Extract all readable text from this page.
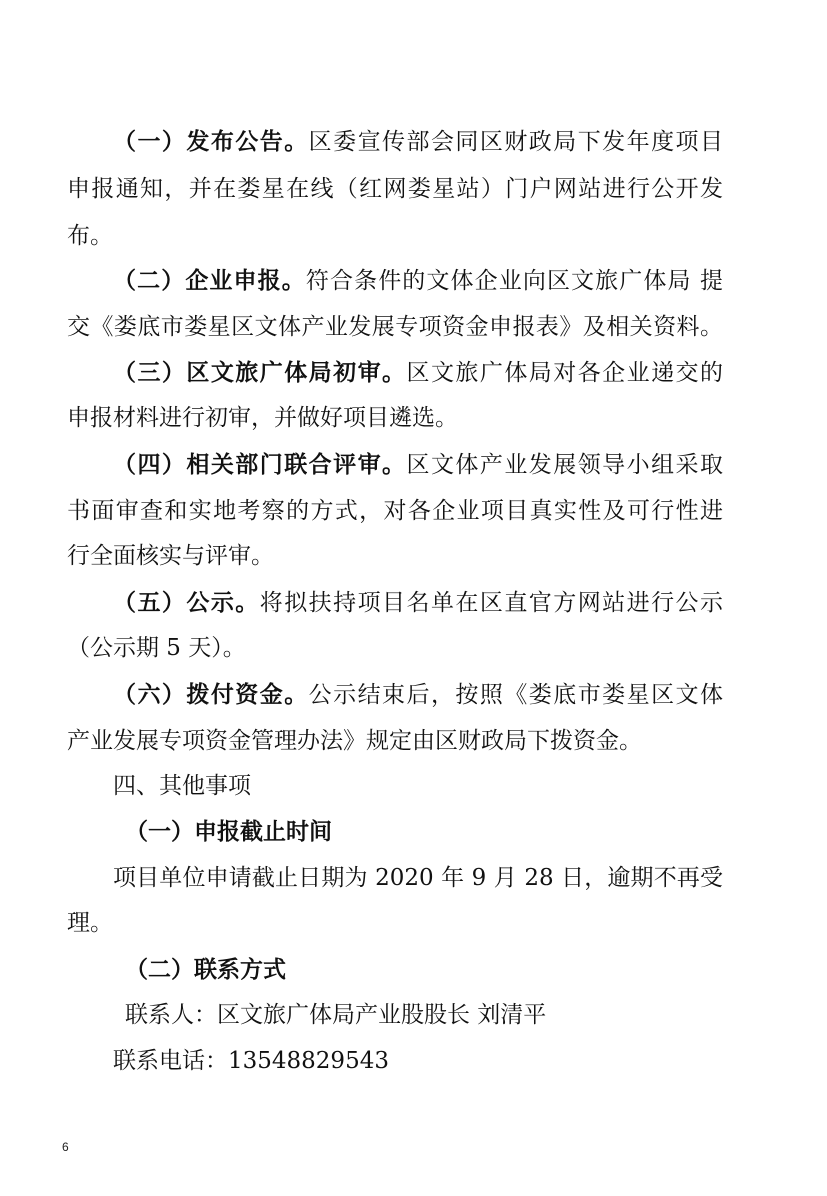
（一）发布公告。区委宣传部会同区财政局下发年度项目
申报通知，并在娄星在线（红网娄星站）门户网站进行公开发
布。
（二）企业申报。符合条件的文体企业向区文旅广体局 提
交《娄底市娄星区文体产业发展专项资金申报表》及相关资料。
（三）区文旅广体局初审。区文旅广体局对各企业递交的
申报材料进行初审，并做好项目遴选。
（四）相关部门联合评审。区文体产业发展领导小组采取
书面审查和实地考察的方式，对各企业项目真实性及可行性进
行全面核实与评审。
（五）公示。将拟扶持项目名单在区直官方网站进行公示
（公示期 5 天）。
（六）拨付资金。公示结束后，按照《娄底市娄星区文体
产业发展专项资金管理办法》规定由区财政局下拨资金。
四、其他事项
（一）申报截止时间
项目单位申请截止日期为 2020 年 9 月 28 日，逾期不再受
理。
（二）联系方式
联系人：区文旅广体局产业股股长 刘清平
联系电话：13548829543
6
